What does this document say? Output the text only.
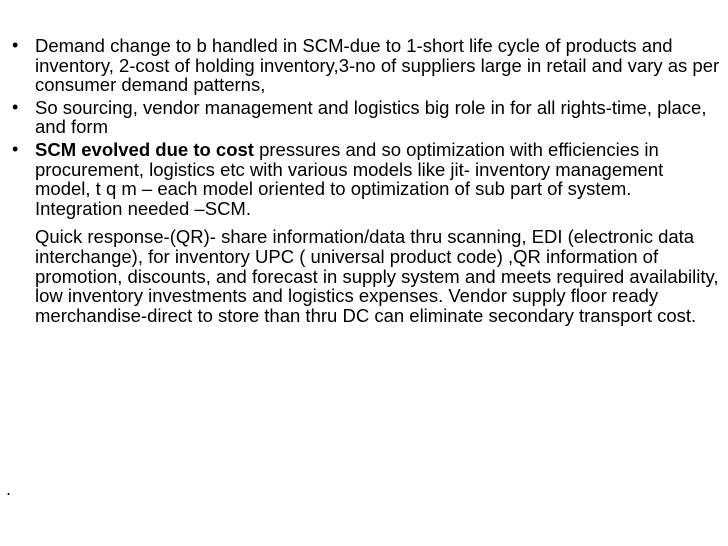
• Demand change to b handled in SCM-due to 1-short life cycle of products and inventory, 2-cost of holding inventory,3-no of suppliers large in retail and vary as per consumer demand patterns,
• So sourcing, vendor management and logistics big role in for all rights-time, place, and form
• SCM evolved due to cost pressures and so optimization with efficiencies in procurement, logistics etc with various models like jit- inventory management model, t q m – each model oriented to optimization of sub part of system. Integration needed –SCM.
Quick response-(QR)- share information/data thru scanning, EDI (electronic data interchange), for inventory UPC ( universal product code) ,QR information of promotion, discounts, and forecast in supply system and meets required availability, low inventory investments and logistics expenses. Vendor supply floor ready merchandise-direct to store than thru DC can eliminate secondary transport cost.
.
